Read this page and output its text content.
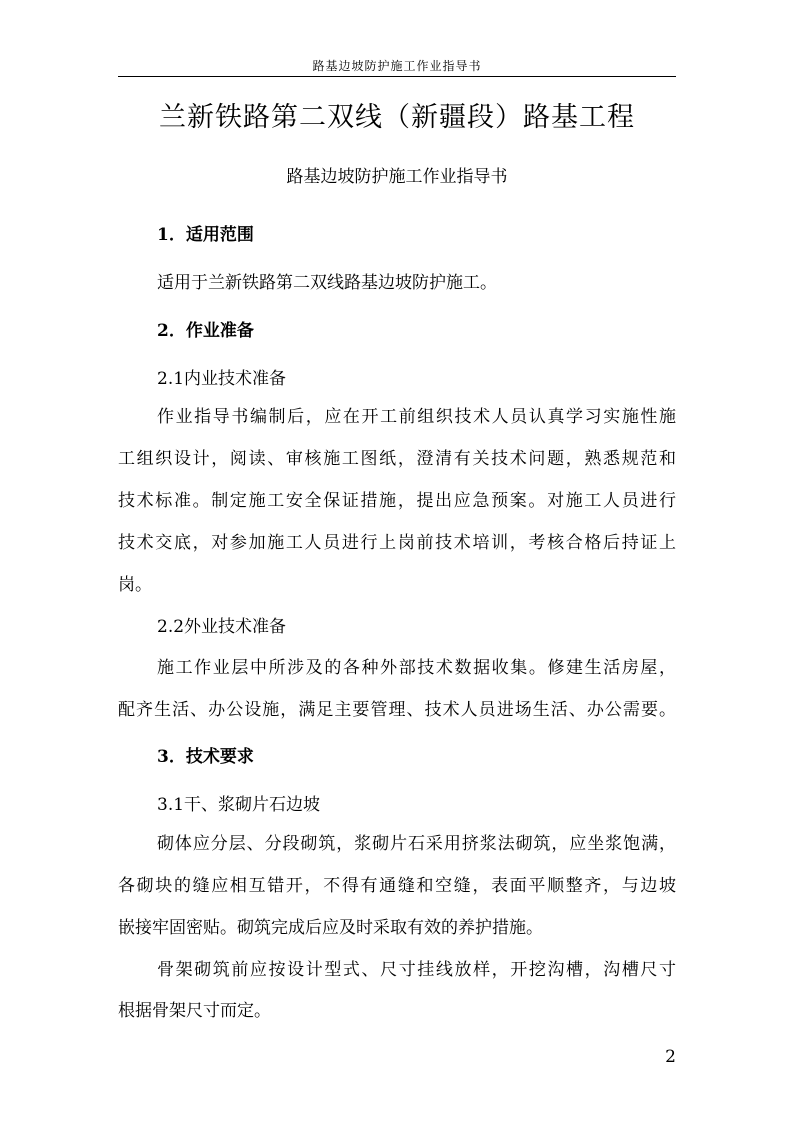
路基边坡防护施工作业指导书
兰新铁路第二双线（新疆段）路基工程
路基边坡防护施工作业指导书
1．适用范围
适用于兰新铁路第二双线路基边坡防护施工。
2．作业准备
2.1内业技术准备
作业指导书编制后，应在开工前组织技术人员认真学习实施性施
工组织设计，阅读、审核施工图纸，澄清有关技术问题，熟悉规范和
技术标准。制定施工安全保证措施，提出应急预案。对施工人员进行
技术交底，对参加施工人员进行上岗前技术培训，考核合格后持证上
岗。
2.2外业技术准备
施工作业层中所涉及的各种外部技术数据收集。修建生活房屋，
配齐生活、办公设施，满足主要管理、技术人员进场生活、办公需要。
3．技术要求
3.1干、浆砌片石边坡
砌体应分层、分段砌筑，浆砌片石采用挤浆法砌筑，应坐浆饱满，
各砌块的缝应相互错开，不得有通缝和空缝，表面平顺整齐，与边坡
嵌接牢固密贴。砌筑完成后应及时采取有效的养护措施。
骨架砌筑前应按设计型式、尺寸挂线放样，开挖沟槽，沟槽尺寸
根据骨架尺寸而定。
2
